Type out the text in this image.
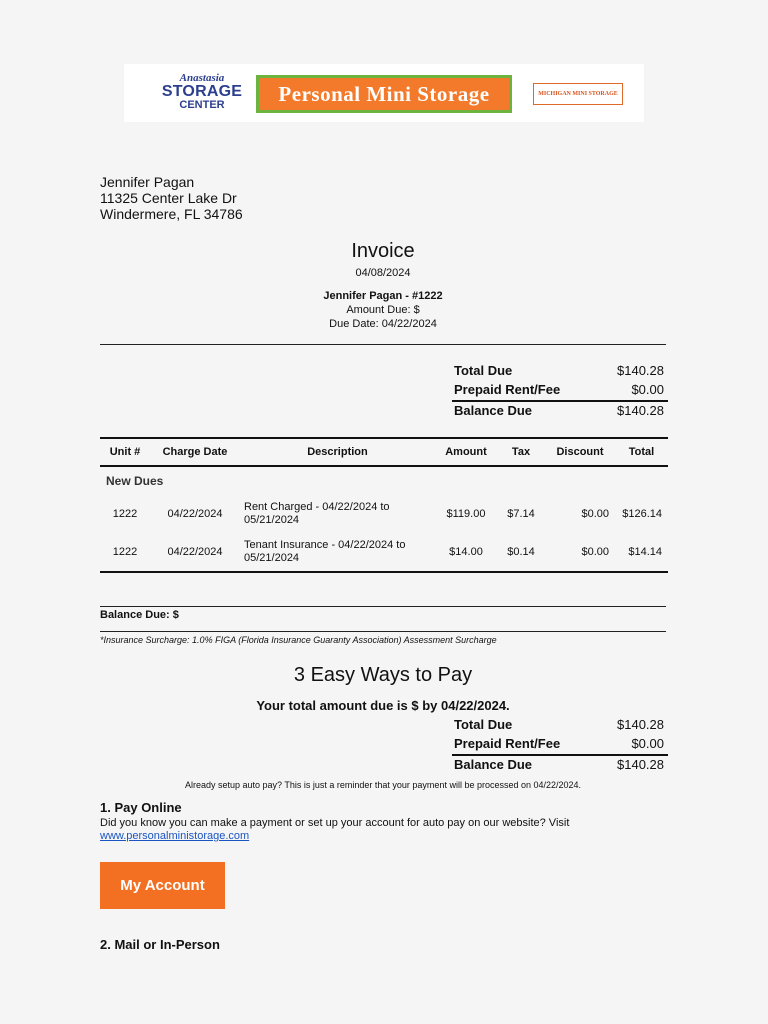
Anastasia
STORAGE
CENTER	Personal Mini Storage	MICHIGAN MINI STORAGE
Jennifer Pagan
11325 Center Lake Dr
Windermere, FL 34786
Invoice
04/08/2024
Jennifer Pagan - #1222
Amount Due: $
Due Date: 04/22/2024
Total Due	$140.28
Prepaid Rent/Fee	$0.00
Balance Due	$140.28
Unit #	Charge Date	Description	Amount	Tax	Discount	Total
New Dues						
1222	04/22/2024	Rent Charged - 04/22/2024 to
05/21/2024	$119.00	$7.14	$0.00	$126.14
1222	04/22/2024	Tenant Insurance - 04/22/2024 to
05/21/2024	$14.00	$0.14	$0.00	$14.14
Balance Due: $
*Insurance Surcharge: 1.0% FIGA (Florida Insurance Guaranty Association) Assessment Surcharge
3 Easy Ways to Pay
Your total amount due is $ by 04/22/2024.
Total Due	$140.28
Prepaid Rent/Fee	$0.00
Balance Due	$140.28
Already setup auto pay? This is just a reminder that your payment will be processed on 04/22/2024.
1. Pay Online
Did you know you can make a payment or set up your account for auto pay on our website? Visit
www.personalministorage.com
My Account
2. Mail or In-Person
